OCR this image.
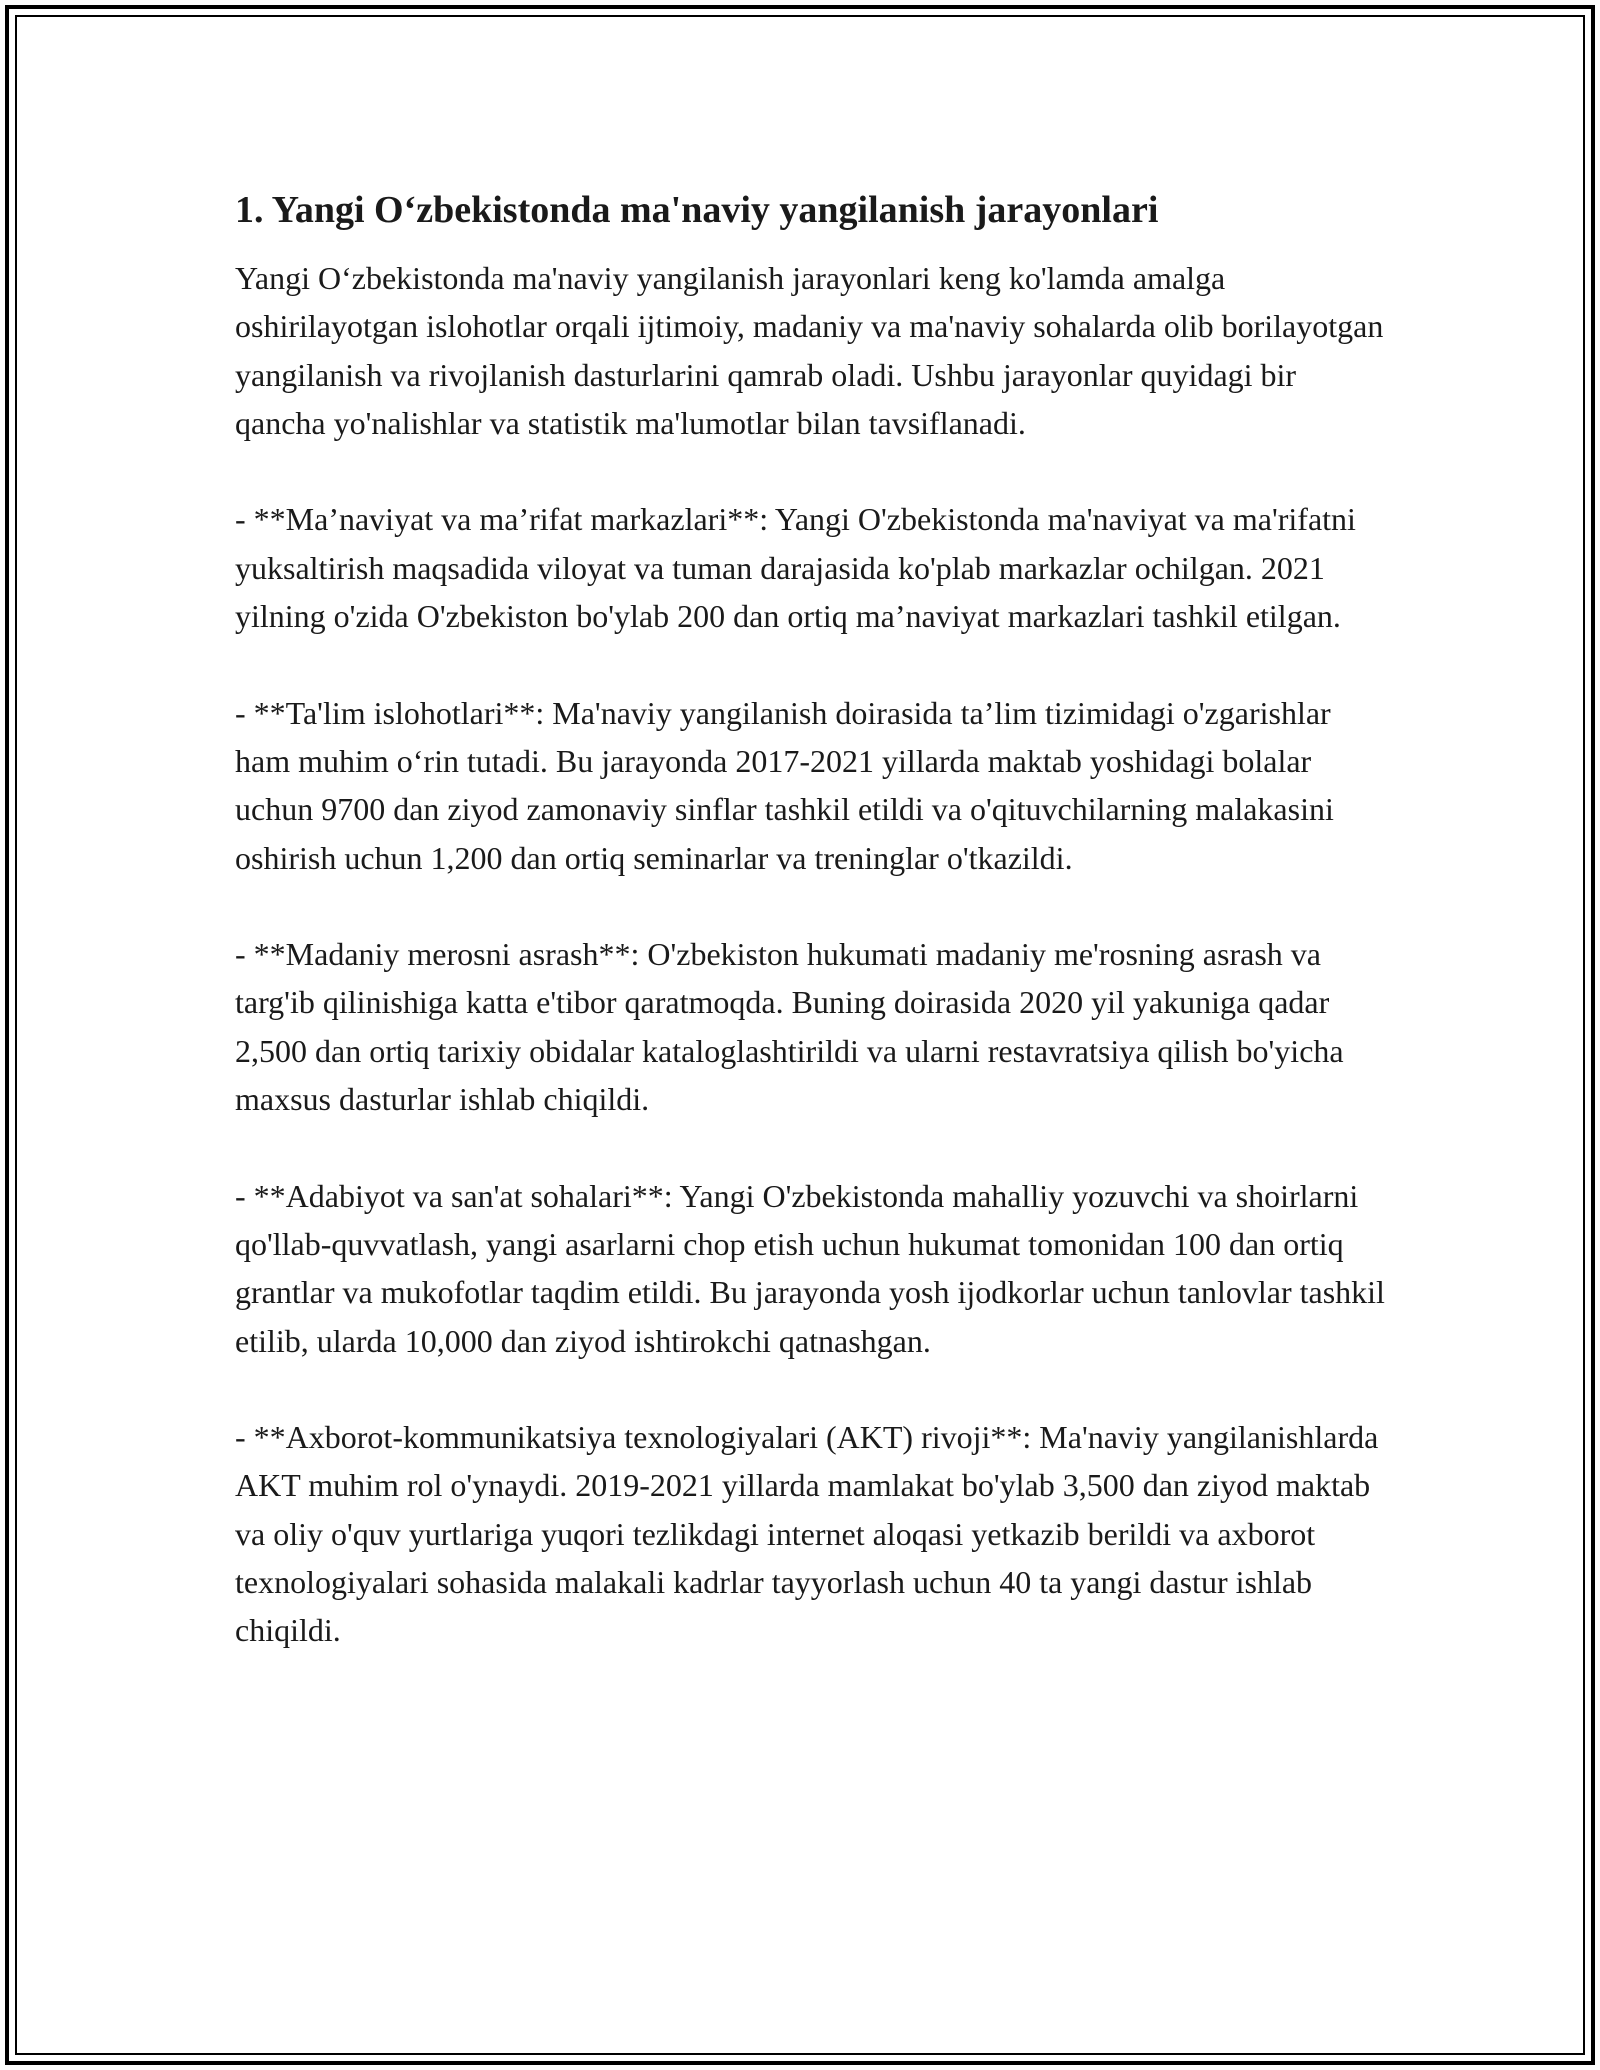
1. Yangi O‘zbekistonda ma'naviy yangilanish jarayonlari

Yangi O‘zbekistonda ma'naviy yangilanish jarayonlari keng ko'lamda amalga oshirilayotgan islohotlar orqali ijtimoiy, madaniy va ma'naviy sohalarda olib borilayotgan yangilanish va rivojlanish dasturlarini qamrab oladi. Ushbu jarayonlar quyidagi bir qancha yo'nalishlar va statistik ma'lumotlar bilan tavsiflanadi.

- **Ma’naviyat va ma’rifat markazlari**: Yangi O'zbekistonda ma'naviyat va ma'rifatni yuksaltirish maqsadida viloyat va tuman darajasida ko'plab markazlar ochilgan. 2021 yilning o'zida O'zbekiston bo'ylab 200 dan ortiq ma’naviyat markazlari tashkil etilgan.

- **Ta'lim islohotlari**: Ma'naviy yangilanish doirasida ta’lim tizimidagi o'zgarishlar ham muhim o‘rin tutadi. Bu jarayonda 2017-2021 yillarda maktab yoshidagi bolalar uchun 9700 dan ziyod zamonaviy sinflar tashkil etildi va o'qituvchilarning malakasini oshirish uchun 1,200 dan ortiq seminarlar va treninglar o'tkazildi.

- **Madaniy merosni asrash**: O'zbekiston hukumati madaniy me'rosning asrash va targ'ib qilinishiga katta e'tibor qaratmoqda. Buning doirasida 2020 yil yakuniga qadar 2,500 dan ortiq tarixiy obidalar kataloglashtirildi va ularni restavratsiya qilish bo'yicha maxsus dasturlar ishlab chiqildi.

- **Adabiyot va san'at sohalari**: Yangi O'zbekistonda mahalliy yozuvchi va shoirlarni qo'llab-quvvatlash, yangi asarlarni chop etish uchun hukumat tomonidan 100 dan ortiq grantlar va mukofotlar taqdim etildi. Bu jarayonda yosh ijodkorlar uchun tanlovlar tashkil etilib, ularda 10,000 dan ziyod ishtirokchi qatnashgan.

- **Axborot-kommunikatsiya texnologiyalari (AKT) rivoji**: Ma'naviy yangilanishlarda AKT muhim rol o'ynaydi. 2019-2021 yillarda mamlakat bo'ylab 3,500 dan ziyod maktab va oliy o'quv yurtlariga yuqori tezlikdagi internet aloqasi yetkazib berildi va axborot texnologiyalari sohasida malakali kadrlar tayyorlash uchun 40 ta yangi dastur ishlab chiqildi.
